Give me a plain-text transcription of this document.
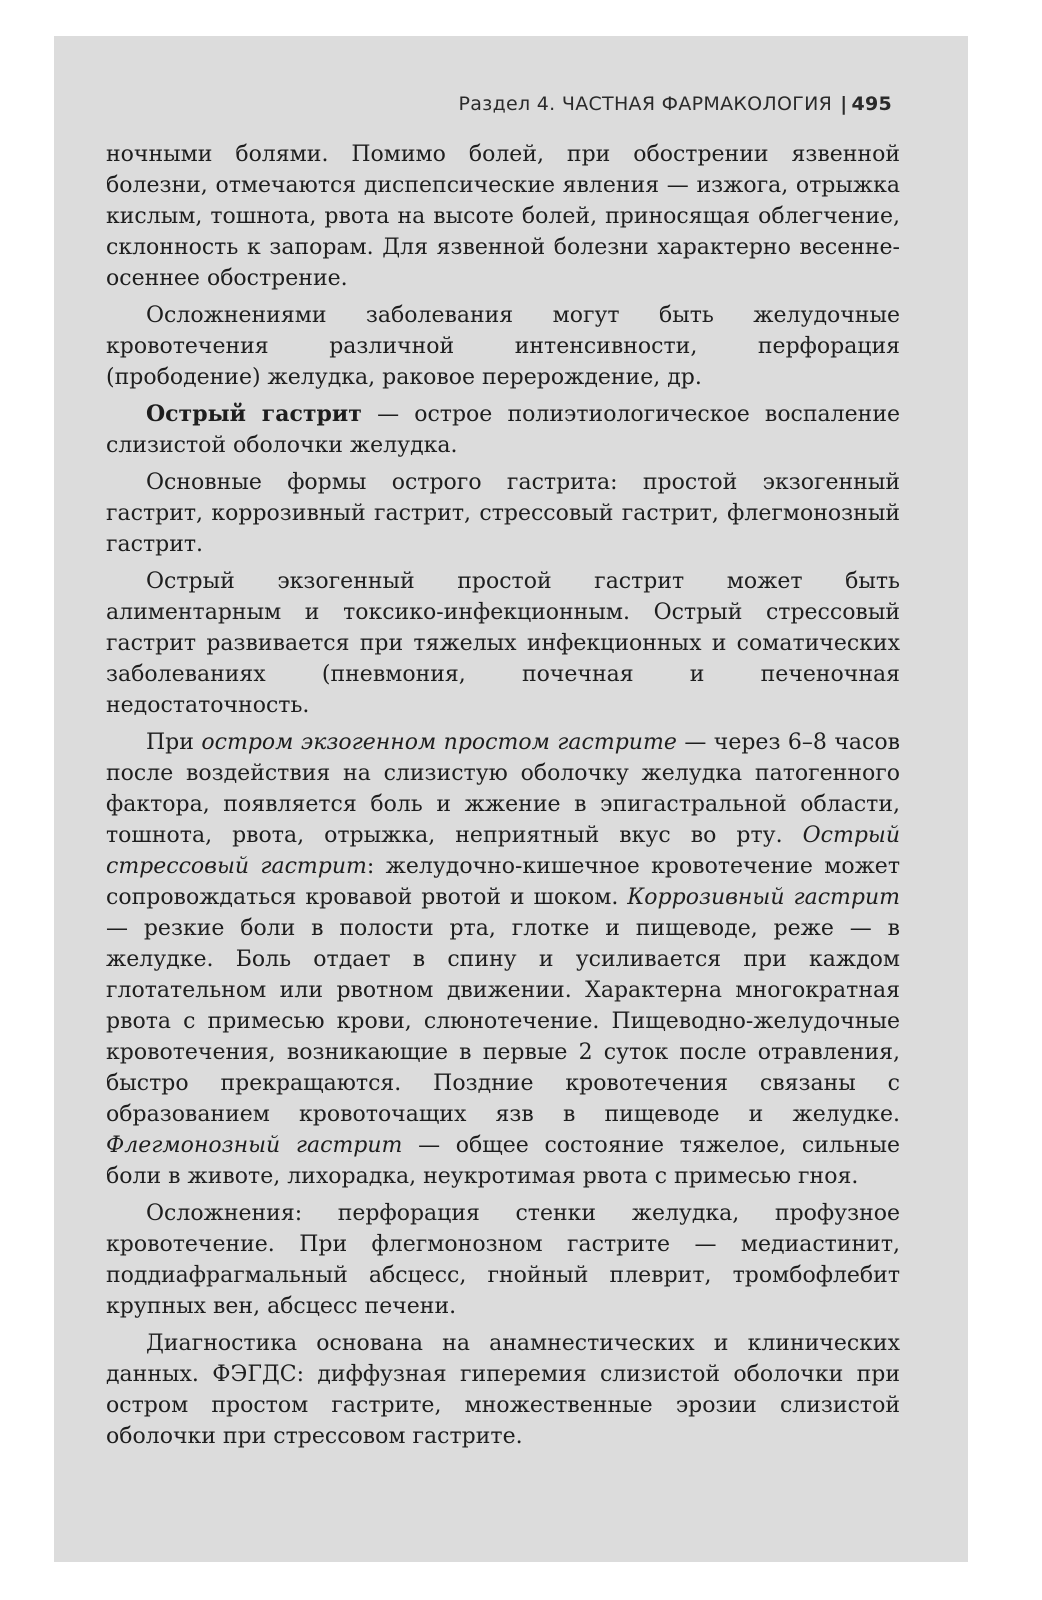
Раздел 4. ЧАСТНАЯ ФАРМАКОЛОГИЯ | 495

ночными болями. Помимо болей, при обострении язвенной болезни, отмечаются диспепсические явления — изжога, отрыжка кислым, тошнота, рвота на высоте болей, приносящая облегчение, склонность к запорам. Для язвенной болезни характерно весенне-осеннее обострение.

Осложнениями заболевания могут быть желудочные кровотечения различной интенсивности, перфорация (прободение) желудка, раковое перерождение, др.

Острый гастрит — острое полиэтиологическое воспаление слизистой оболочки желудка.

Основные формы острого гастрита: простой экзогенный гастрит, коррозивный гастрит, стрессовый гастрит, флегмонозный гастрит.

Острый экзогенный простой гастрит может быть алиментарным и токсико-инфекционным. Острый стрессовый гастрит развивается при тяжелых инфекционных и соматических заболеваниях (пневмония, почечная и печеночная недостаточность.

При остром экзогенном простом гастрите — через 6–8 часов после воздействия на слизистую оболочку желудка патогенного фактора, появляется боль и жжение в эпигастральной области, тошнота, рвота, отрыжка, неприятный вкус во рту. Острый стрессовый гастрит: желудочно-кишечное кровотечение может сопровождаться кровавой рвотой и шоком. Коррозивный гастрит — резкие боли в полости рта, глотке и пищеводе, реже — в желудке. Боль отдает в спину и усиливается при каждом глотательном или рвотном движении. Характерна многократная рвота с примесью крови, слюнотечение. Пищеводно-желудочные кровотечения, возникающие в первые 2 суток после отравления, быстро прекращаются. Поздние кровотечения связаны с образованием кровоточащих язв в пищеводе и желудке. Флегмонозный гастрит — общее состояние тяжелое, сильные боли в животе, лихорадка, неукротимая рвота с примесью гноя.

Осложнения: перфорация стенки желудка, профузное кровотечение. При флегмонозном гастрите — медиастинит, поддиафрагмальный абсцесс, гнойный плеврит, тромбофлебит крупных вен, абсцесс печени.

Диагностика основана на анамнестических и клинических данных. ФЭГДС: диффузная гиперемия слизистой оболочки при остром простом гастрите, множественные эрозии слизистой оболочки при стрессовом гастрите.
